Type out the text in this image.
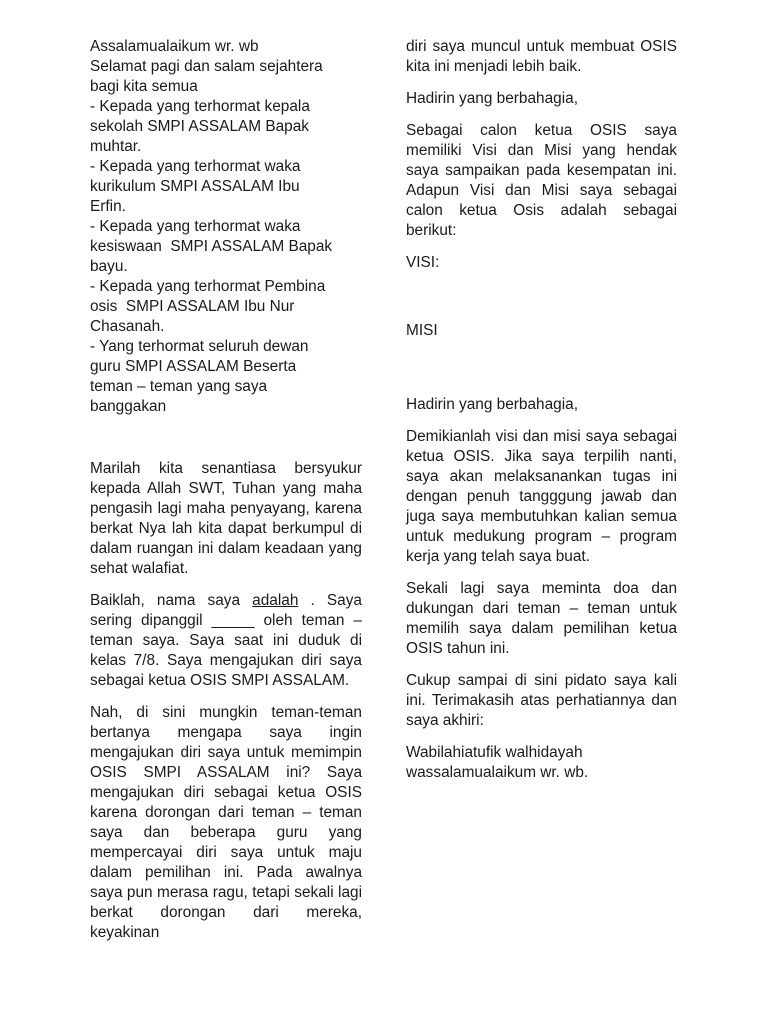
Assalamualaikum wr. wb
Selamat pagi dan salam sejahtera
bagi kita semua
- Kepada yang terhormat kepala
sekolah SMPI ASSALAM Bapak
muhtar.
- Kepada yang terhormat waka
kurikulum SMPI ASSALAM Ibu
Erfin.
- Kepada yang terhormat waka
kesiswaan  SMPI ASSALAM Bapak
bayu.
- Kepada yang terhormat Pembina
osis  SMPI ASSALAM Ibu Nur
Chasanah.
- Yang terhormat seluruh dewan
guru SMPI ASSALAM Beserta
teman – teman yang saya
banggakan

Marilah kita senantiasa bersyukur kepada Allah SWT, Tuhan yang maha pengasih lagi maha penyayang, karena berkat Nya lah kita dapat berkumpul di dalam ruangan ini dalam keadaan yang sehat walafiat.

Baiklah, nama saya adalah . Saya sering dipanggil _____ oleh teman – teman saya. Saya saat ini duduk di kelas 7/8. Saya mengajukan diri saya sebagai ketua OSIS SMPI ASSALAM.

Nah, di sini mungkin teman-teman bertanya mengapa saya ingin mengajukan diri saya untuk memimpin OSIS SMPI ASSALAM ini? Saya mengajukan diri sebagai ketua OSIS karena dorongan dari teman – teman saya dan beberapa guru yang mempercayai diri saya untuk maju dalam pemilihan ini. Pada awalnya saya pun merasa ragu, tetapi sekali lagi berkat dorongan dari mereka, keyakinan

diri saya muncul untuk membuat OSIS kita ini menjadi lebih baik.

Hadirin yang berbahagia,

Sebagai calon ketua OSIS saya memiliki Visi dan Misi yang hendak saya sampaikan pada kesempatan ini. Adapun Visi dan Misi saya sebagai calon ketua Osis adalah sebagai berikut:

VISI:

MISI

Hadirin yang berbahagia,

Demikianlah visi dan misi saya sebagai ketua OSIS. Jika saya terpilih nanti, saya akan melaksanankan tugas ini dengan penuh tangggung jawab dan juga saya membutuhkan kalian semua untuk medukung program – program kerja yang telah saya buat.

Sekali lagi saya meminta doa dan dukungan dari teman – teman untuk memilih saya dalam pemilihan ketua OSIS tahun ini.

Cukup sampai di sini pidato saya kali ini. Terimakasih atas perhatiannya dan saya akhiri:

Wabilahiatufik walhidayah wassalamualaikum wr. wb.
